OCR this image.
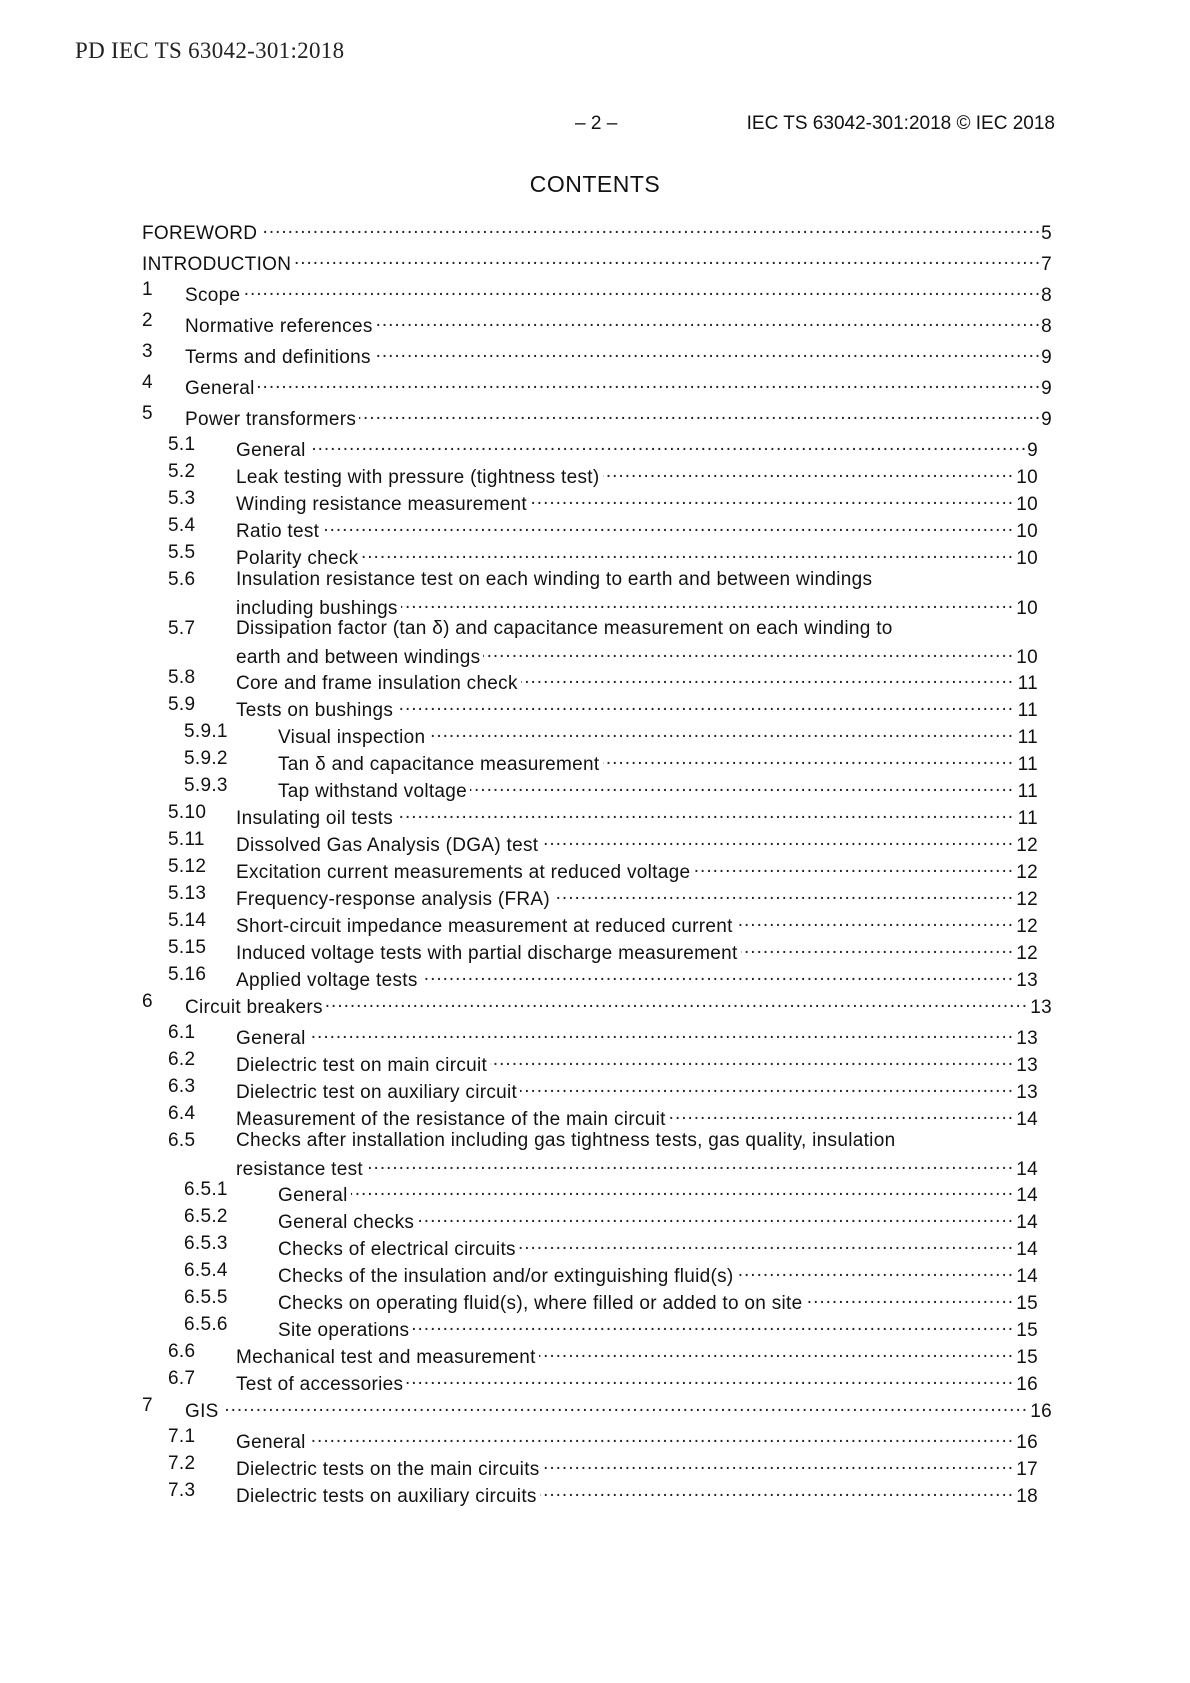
PD IEC TS 63042-301:2018
– 2 –	IEC TS 63042-301:2018 © IEC 2018
CONTENTS
FOREWORD .....	5
INTRODUCTION .....	7
1 Scope .....	8
2 Normative references .....	8
3 Terms and definitions .....	9
4 General .....	9
5 Power transformers .....	9
5.1 General .....	9
5.2 Leak testing with pressure (tightness test) .....	10
5.3 Winding resistance measurement .....	10
5.4 Ratio test .....	10
5.5 Polarity check .....	10
5.6 Insulation resistance test on each winding to earth and between windings
including bushings .....	10
5.7 Dissipation factor (tan δ) and capacitance measurement on each winding to
earth and between windings .....	10
5.8 Core and frame insulation check .....	11
5.9 Tests on bushings .....	11
5.9.1	Visual inspection .....	11
5.9.2	Tan δ and capacitance measurement .....	11
5.9.3	Tap withstand voltage .....	11
5.10 Insulating oil tests .....	11
5.11 Dissolved Gas Analysis (DGA) test .....	12
5.12 Excitation current measurements at reduced voltage .....	12
5.13 Frequency-response analysis (FRA) .....	12
5.14 Short-circuit impedance measurement at reduced current .....	12
5.15 Induced voltage tests with partial discharge measurement .....	12
5.16 Applied voltage tests .....	13
6 Circuit breakers .....	13
6.1 General .....	13
6.2 Dielectric test on main circuit .....	13
6.3 Dielectric test on auxiliary circuit .....	13
6.4 Measurement of the resistance of the main circuit .....	14
6.5 Checks after installation including gas tightness tests, gas quality, insulation
resistance test .....	14
6.5.1	General .....	14
6.5.2	General checks .....	14
6.5.3	Checks of electrical circuits .....	14
6.5.4	Checks of the insulation and/or extinguishing fluid(s) .....	14
6.5.5	Checks on operating fluid(s), where filled or added to on site .....	15
6.5.6	Site operations .....	15
6.6 Mechanical test and measurement .....	15
6.7 Test of accessories .....	16
7 GIS .....	16
7.1 General .....	16
7.2 Dielectric tests on the main circuits .....	17
7.3 Dielectric tests on auxiliary circuits .....	18
